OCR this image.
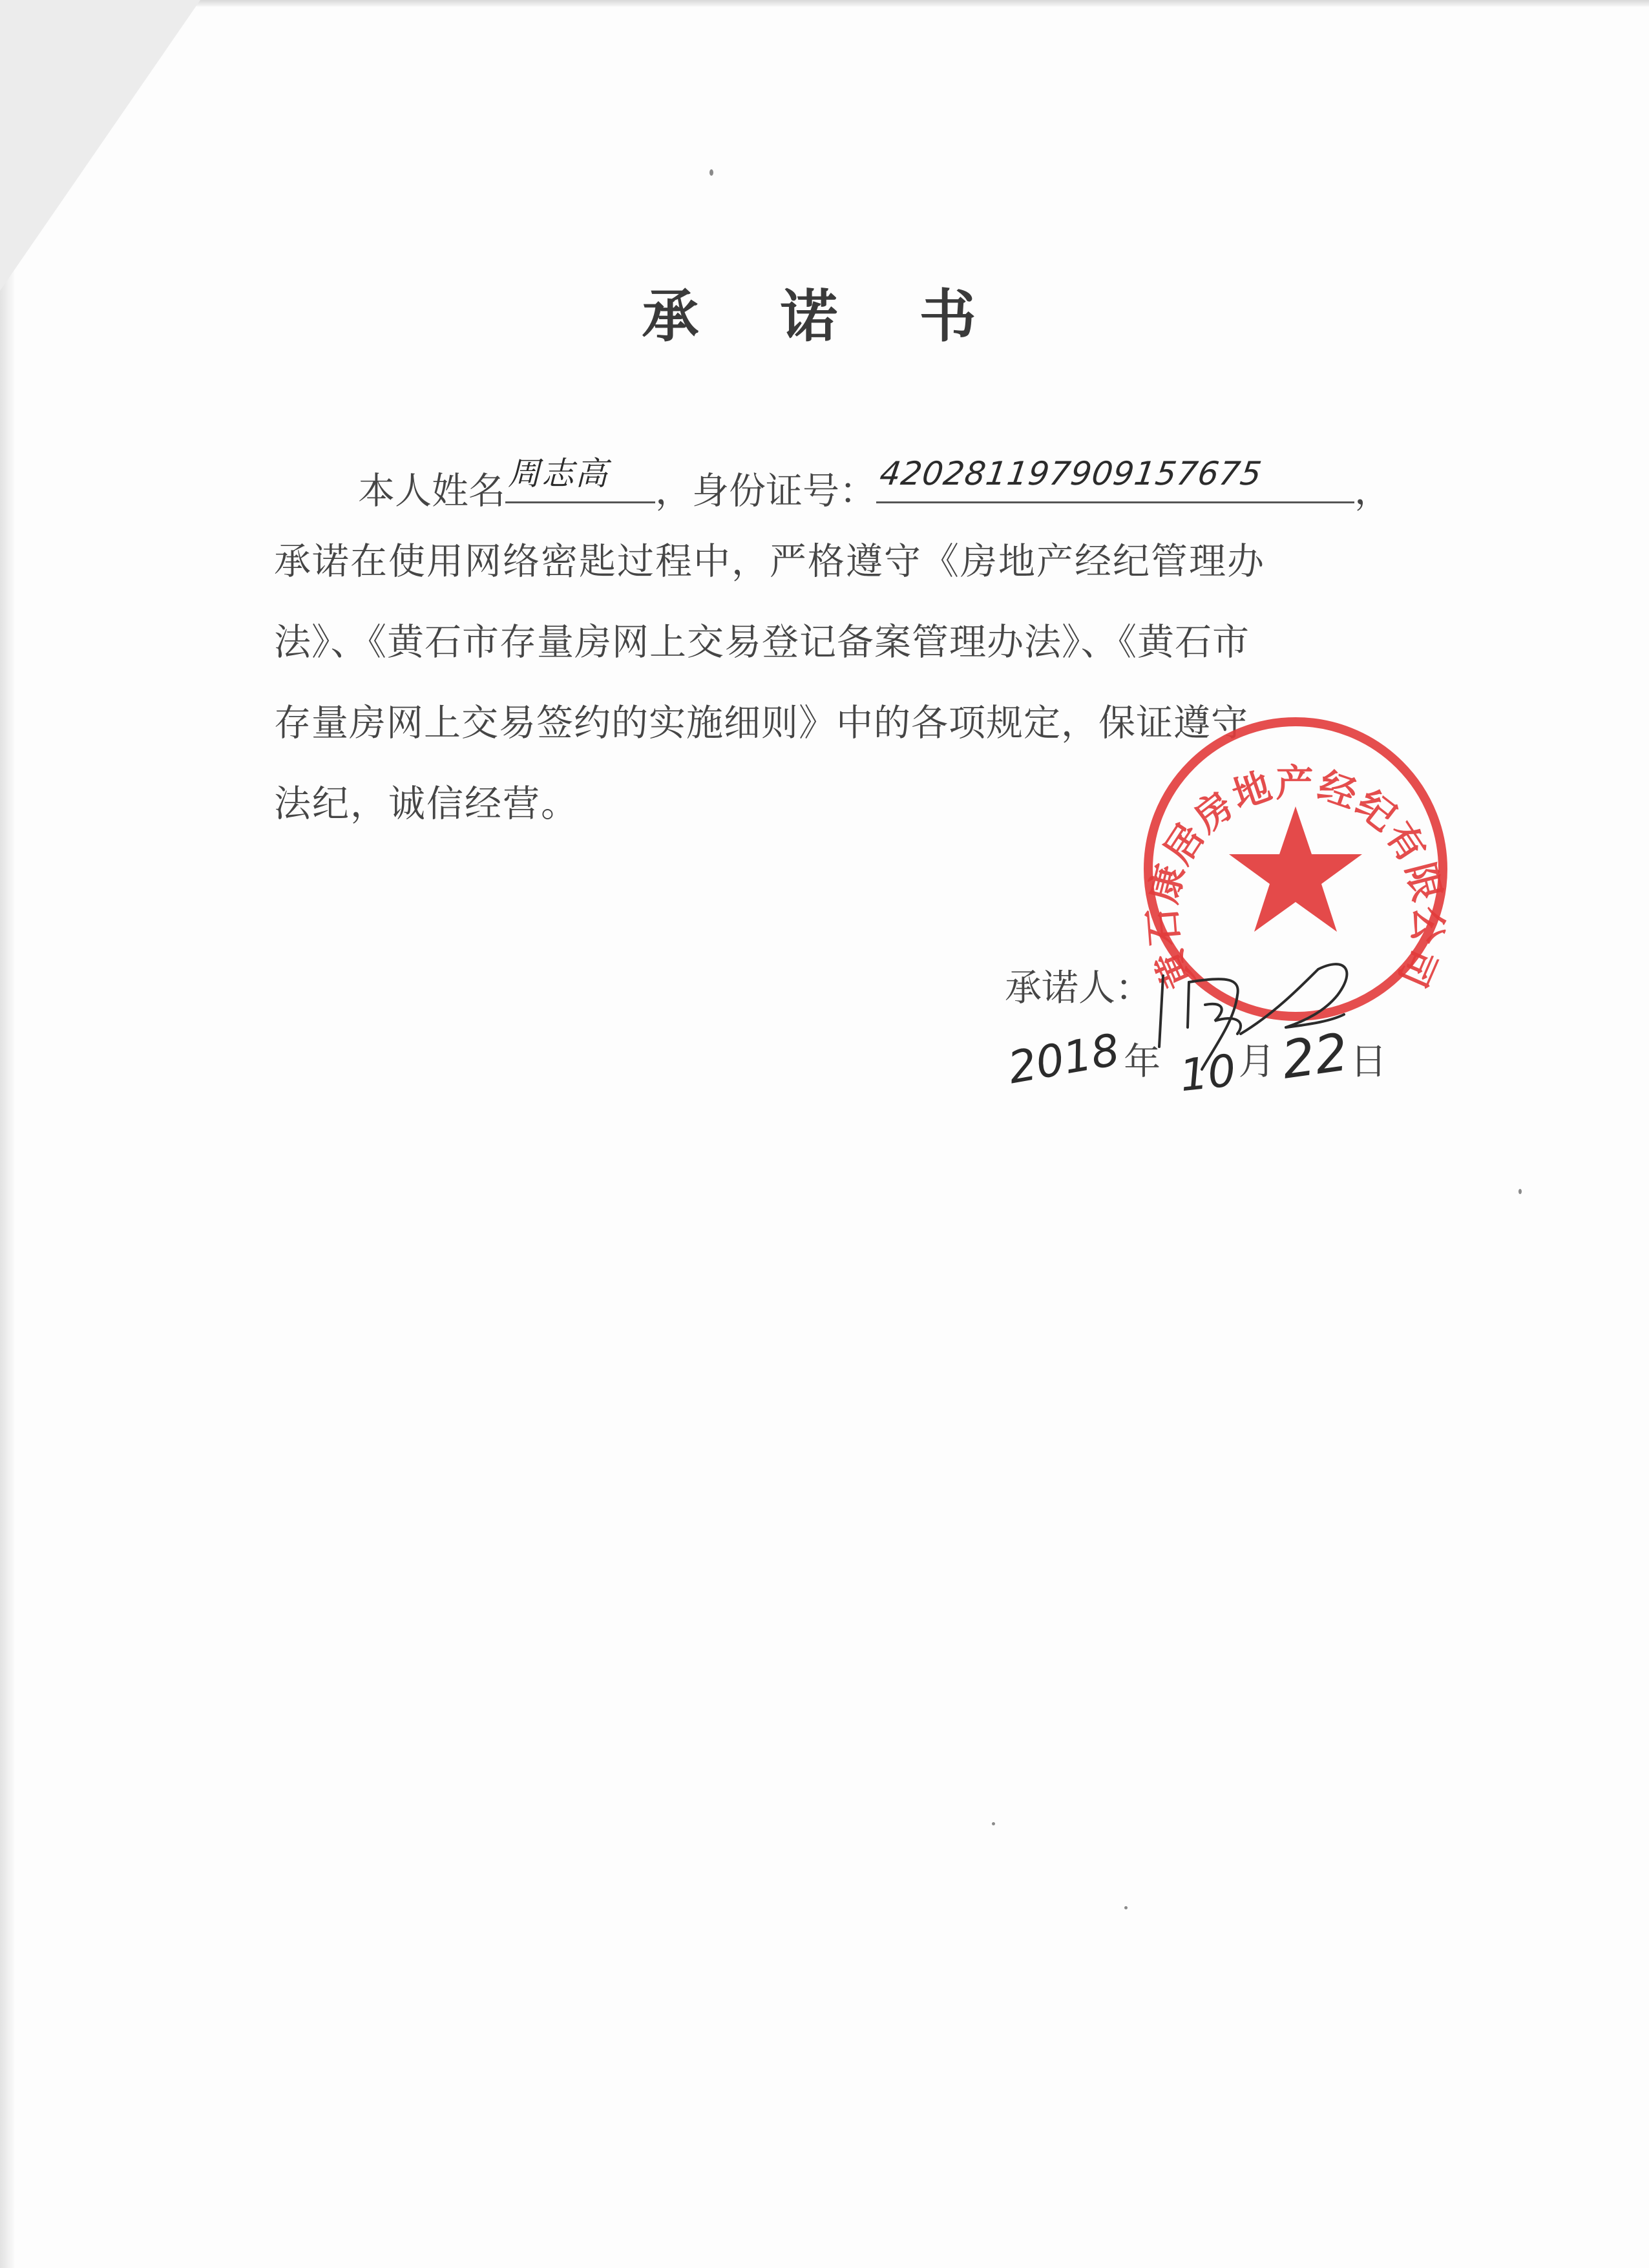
承 诺 书
本人姓名 周志高 ，身份证号： 420281197909157675 ，
承诺在使用网络密匙过程中，严格遵守《房地产经纪管理办
法》、《黄石市存量房网上交易登记备案管理办法》、《黄石市
存量房网上交易签约的实施细则》中的各项规定，保证遵守
法纪，诚信经营。
黄石康居房地产经纪有限公司
承诺人：
2018年 10月22日
